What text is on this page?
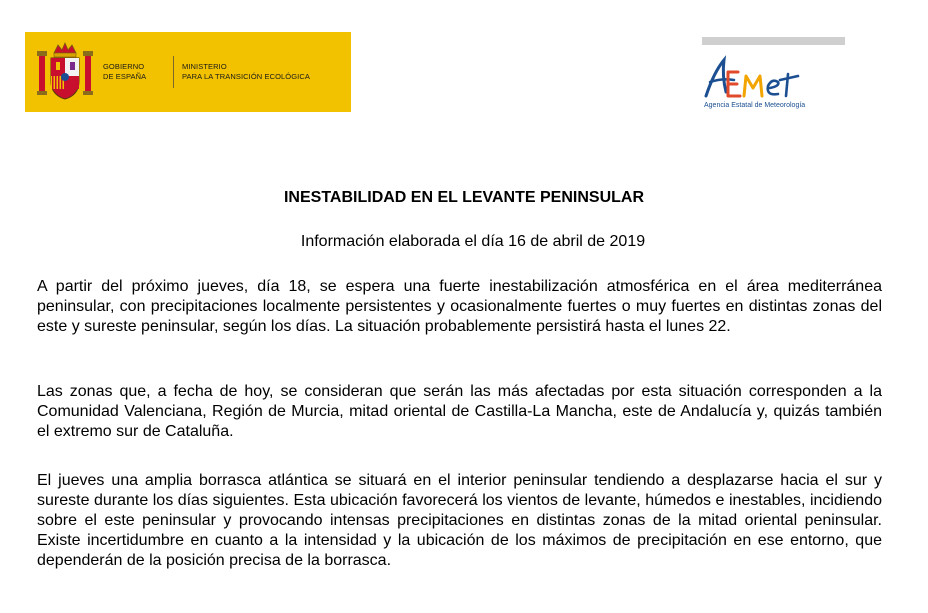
GOBIERNO
DE ESPAÑA
MINISTERIO
PARA LA TRANSICIÓN ECOLÓGICA
Agencia Estatal de Meteorología
INESTABILIDAD EN EL LEVANTE PENINSULAR
Información elaborada el día 16 de abril de 2019

A partir del próximo jueves, día 18, se espera una fuerte inestabilización atmosférica en el área mediterránea peninsular, con precipitaciones localmente persistentes y ocasionalmente fuertes o muy fuertes en distintas zonas del este y sureste peninsular, según los días. La situación probablemente persistirá hasta el lunes 22.

Las zonas que, a fecha de hoy, se consideran que serán las más afectadas por esta situación corresponden a la Comunidad Valenciana, Región de Murcia, mitad oriental de Castilla-La Mancha, este de Andalucía y, quizás también el extremo sur de Cataluña.

El jueves una amplia borrasca atlántica se situará en el interior peninsular tendiendo a desplazarse hacia el sur y sureste durante los días siguientes. Esta ubicación favorecerá los vientos de levante, húmedos e inestables, incidiendo sobre el este peninsular y provocando intensas precipitaciones en distintas zonas de la mitad oriental peninsular. Existe incertidumbre en cuanto a la intensidad y la ubicación de los máximos de precipitación en ese entorno, que dependerán de la posición precisa de la borrasca.
